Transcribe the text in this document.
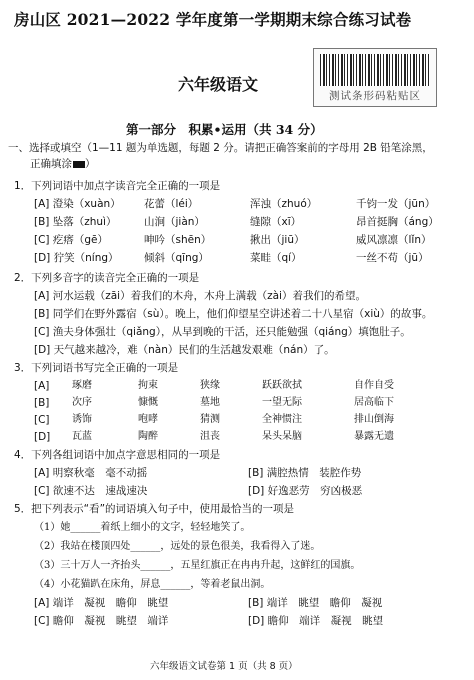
房山区 2021—2022 学年度第一学期期末综合练习试卷
六年级语文
测试条形码粘贴区
第一部分　积累•运用（共 34 分）
一、选择或填空（1—11 题为单选题，每题 2 分。请把正确答案前的字母用 2B 铅笔涂黑，
正确填涂 ）
1．下列词语中加点字读音完全正确的一项是
[A] 澄染（xuàn） 花蕾（léi）	浑浊（zhuó）	千钧一发（jūn）
[B] 坠落（zhuì）	山涧（jiàn）	缝隙（xī）	昂首挺胸（áng）
[C] 疙瘩（gē）	呻吟（shēn）	揪出（jiū）	威风凛凛（lǐn）
[D] 狞笑（níng） 倾斜（qīng）	菜畦（qí）	一丝不苟（jū）
2．下列多音字的读音完全正确的一项是
[A] 河水运载（zāi）着我们的木舟，木舟上满载（zài）着我们的希望。
[B] 同学们在野外露宿（sù）。晚上，他们仰望星空讲述着二十八星宿（xiù）的故事。
[C] 渔夫身体强壮（qiǎng），从早到晚的干活，还只能勉强（qiáng）填饱肚子。
[D] 天气越来越冷，难（nàn）民们的生活越发艰难（nán）了。
3．下列词语书写完全正确的一项是
[A] 琢磨	拘束	狭缘	跃跃欲拭	自作自受
[B] 次序	慷慨	墓地	一望无际	居高临下
[C] 诱饰	咆哮	猜测	全神惯注	排山倒海
[D] 瓦蓝	陶醉	沮丧	呆头呆脑	暴露无遗
4．下列各组词语中加点字意思相同的一项是
[A] 明察秋毫　毫不动摇	[B] 满腔热情　装腔作势
[C] 欲速不达　速战速决	[D] 好逸恶劳　穷凶极恶
5．把下列表示“看”的词语填入句子中，使用最恰当的一项是
（1）她______着纸上细小的文字，轻轻地笑了。
（2）我站在楼顶四处______，远处的景色很美，我看得入了迷。
（3）三十万人一齐抬头______，五星红旗正在冉冉升起，这鲜红的国旗。
（4）小花猫趴在床角，屏息______，等着老鼠出洞。
[A] 端详　凝视　瞻仰　眺望	[B] 端详　眺望　瞻仰　凝视
[C] 瞻仰　凝视　眺望　端详	[D] 瞻仰　端详　凝视　眺望
六年级语文试卷第 1 页（共 8 页）
